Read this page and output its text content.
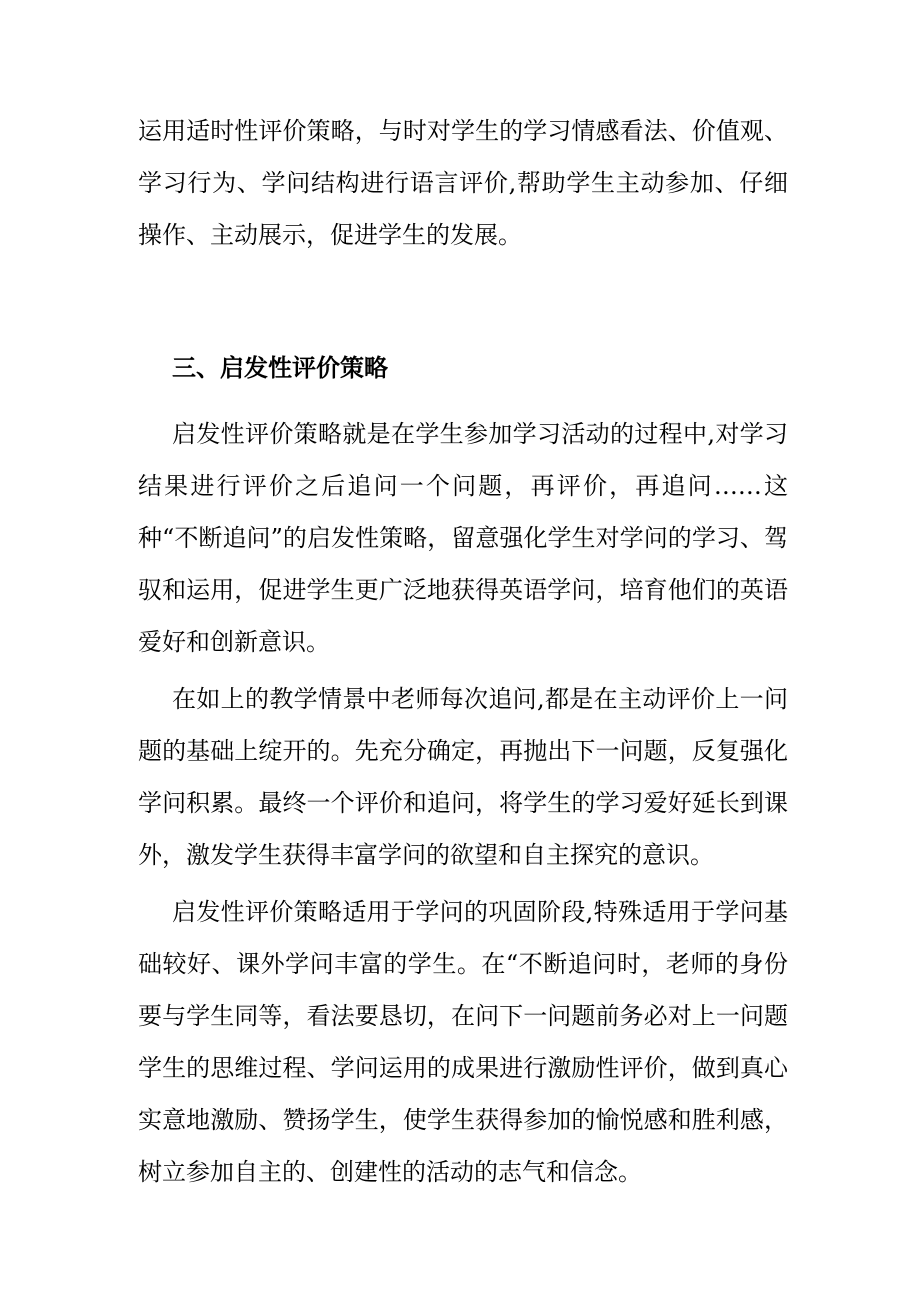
运用适时性评价策略，与时对学生的学习情感看法、价值观、学习行为、学问结构进行语言评价,帮助学生主动参加、仔细操作、主动展示，促进学生的发展。

三、启发性评价策略

启发性评价策略就是在学生参加学习活动的过程中,对学习结果进行评价之后追问一个问题，再评价，再追问……这种“不断追问”的启发性策略，留意强化学生对学问的学习、驾驭和运用，促进学生更广泛地获得英语学问，培育他们的英语爱好和创新意识。

在如上的教学情景中老师每次追问,都是在主动评价上一问题的基础上绽开的。先充分确定，再抛出下一问题，反复强化学问积累。最终一个评价和追问，将学生的学习爱好延长到课外，激发学生获得丰富学问的欲望和自主探究的意识。

启发性评价策略适用于学问的巩固阶段,特殊适用于学问基础较好、课外学问丰富的学生。在“不断追问时，老师的身份要与学生同等，看法要恳切，在问下一问题前务必对上一问题学生的思维过程、学问运用的成果进行激励性评价，做到真心实意地激励、赞扬学生，使学生获得参加的愉悦感和胜利感，树立参加自主的、创建性的活动的志气和信念。
